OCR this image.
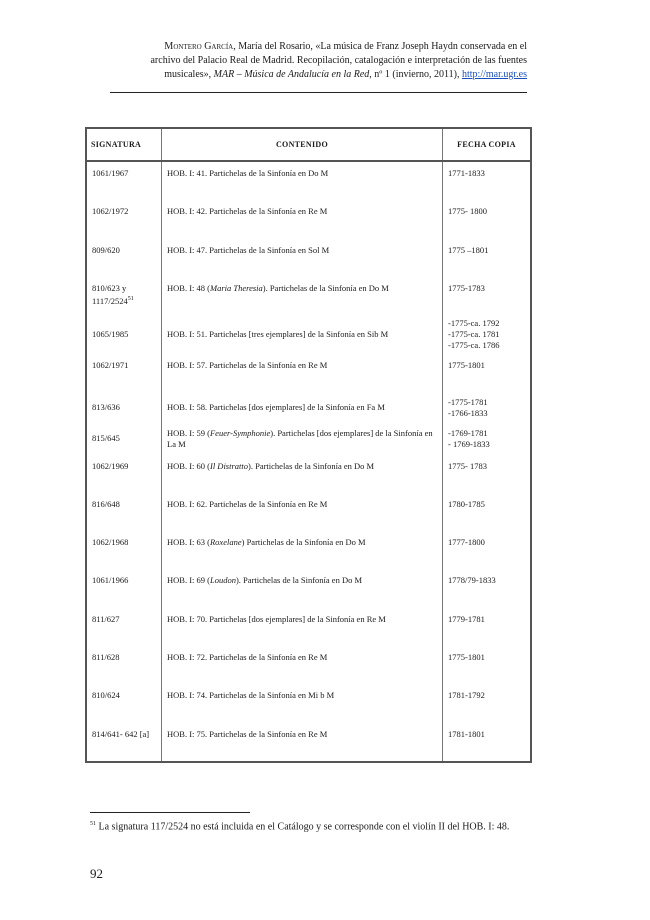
Montero García, María del Rosario, «La música de Franz Joseph Haydn conservada en el
archivo del Palacio Real de Madrid. Recopilación, catalogación e interpretación de las fuentes
musicales», MAR – Música de Andalucía en la Red, nº 1 (invierno, 2011), http://mar.ugr.es
SIGNATURA	CONTENIDO	FECHA COPIA
1061/1967	HOB. I: 41. Partichelas de la Sinfonía en Do M	1771-1833

1062/1972	HOB. I: 42. Partichelas de la Sinfonía en Re M	1775- 1800

809/620	HOB. I: 47. Partichelas de la Sinfonía en Sol M	1775 –1801

810/623 y 1117/2524$^{51}$	HOB. I: 48 (Maria Theresia). Partichelas de la Sinfonía en Do M	1775-1783

1065/1985	HOB. I: 51. Partichelas [tres ejemplares] de la Sinfonía en Sib M	-1775-ca. 1792
-1775-ca. 1781
-1775-ca. 1786

1062/1971	HOB. I: 57. Partichelas de la Sinfonía en Re M	1775-1801

813/636	HOB. I: 58. Partichelas [dos ejemplares] de la Sinfonía en Fa M	-1775-1781
-1766-1833

815/645	HOB. I: 59 (Feuer-Symphonie). Partichelas [dos ejemplares] de la Sinfonía en La M	-1769-1781
- 1769-1833

1062/1969	HOB. I: 60 (Il Distratto). Partichelas de la Sinfonía en Do M	1775- 1783

816/648	HOB. I: 62. Partichelas de la Sinfonía en Re M	1780-1785

1062/1968	HOB. I: 63 (Roxelane) Partichelas de la Sinfonía en Do M	1777-1800

1061/1966	HOB. I: 69 (Loudon). Partichelas de la Sinfonía en Do M	1778/79-1833

811/627	HOB. I: 70. Partichelas [dos ejemplares] de la Sinfonía en Re M	1779-1781

811/628	HOB. I: 72. Partichelas de la Sinfonía en Re M	1775-1801

810/624	HOB. I: 74. Partichelas de la Sinfonía en Mi b M	1781-1792

814/641- 642 [a]	HOB. I: 75. Partichelas de la Sinfonía en Re M	1781-1801
$^{51}$ La signatura 117/2524 no está incluida en el Catálogo y se corresponde con el violín II del HOB. I: 48.
92
